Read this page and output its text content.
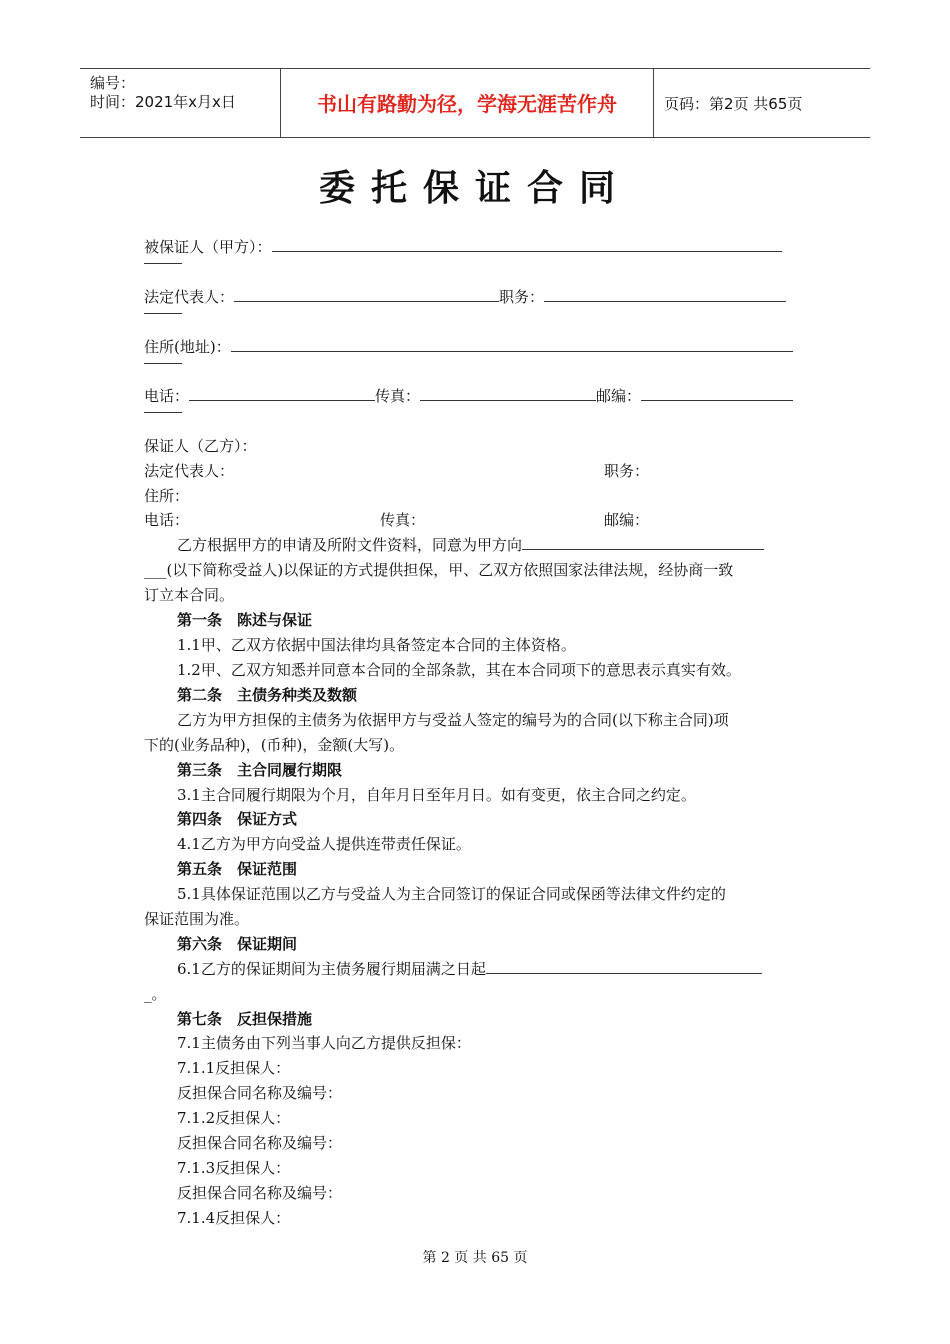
编号：
时间：2021年x月x日	书山有路勤为径，学海无涯苦作舟	页码：第2页 共65页
委托保证合同
被保证人（甲方）：
法定代表人：	职务：
住所(地址)：
电话：	传真：	邮编：
保证人（乙方）：
法定代表人：	职务：
住所：
电话：	传真：	邮编：
乙方根据甲方的申请及所附文件资料，同意为甲方向
___(以下简称受益人)以保证的方式提供担保，甲、乙双方依照国家法律法规，经协商一致
订立本合同。
第一条　陈述与保证
1.1甲、乙双方依据中国法律均具备签定本合同的主体资格。
1.2甲、乙双方知悉并同意本合同的全部条款，其在本合同项下的意思表示真实有效。
第二条　主债务种类及数额
乙方为甲方担保的主债务为依据甲方与受益人签定的编号为的合同(以下称主合同)项
下的(业务品种)，(币种)，金额(大写)。
第三条　主合同履行期限
3.1主合同履行期限为个月，自年月日至年月日。如有变更，依主合同之约定。
第四条　保证方式
4.1乙方为甲方向受益人提供连带责任保证。
第五条　保证范围
5.1具体保证范围以乙方与受益人为主合同签订的保证合同或保函等法律文件约定的
保证范围为准。
第六条　保证期间
6.1乙方的保证期间为主债务履行期届满之日起
_。
第七条　反担保措施
7.1主债务由下列当事人向乙方提供反担保：
7.1.1反担保人：
反担保合同名称及编号：
7.1.2反担保人：
反担保合同名称及编号：
7.1.3反担保人：
反担保合同名称及编号：
7.1.4反担保人：
第 2 页 共 65 页
